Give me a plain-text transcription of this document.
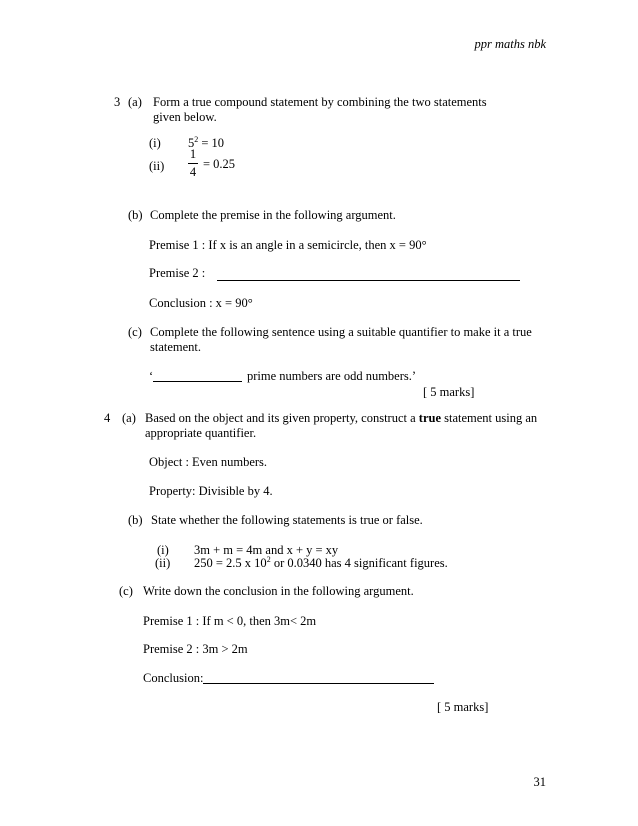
ppr maths nbk
3 (a) Form a true compound statement by combining the two statements
given below.
(i) $5^2 = 10$
(ii)
1
4
= 0.25
(b) Complete the premise in the following argument.
Premise 1 : If x is an angle in a semicircle, then x = 90°
Premise 2 :
Conclusion : x = 90°
(c) Complete the following sentence using a suitable quantifier to make it a true
statement.
‘	prime numbers are odd numbers.’
[ 5 marks]
4 (a) Based on the object and its given property, construct a true statement using an
appropriate quantifier.
Object : Even numbers.
Property: Divisible by 4.
(b) State whether the following statements is true or false.
(i) 3m + m = 4m and x + y = xy
(ii) 250 = 2.5 x $10^2$ or 0.0340 has 4 significant figures.
(c) Write down the conclusion in the following argument.
Premise 1 : If m < 0, then 3m< 2m
Premise 2 : 3m > 2m
Conclusion:
[ 5 marks]
31
